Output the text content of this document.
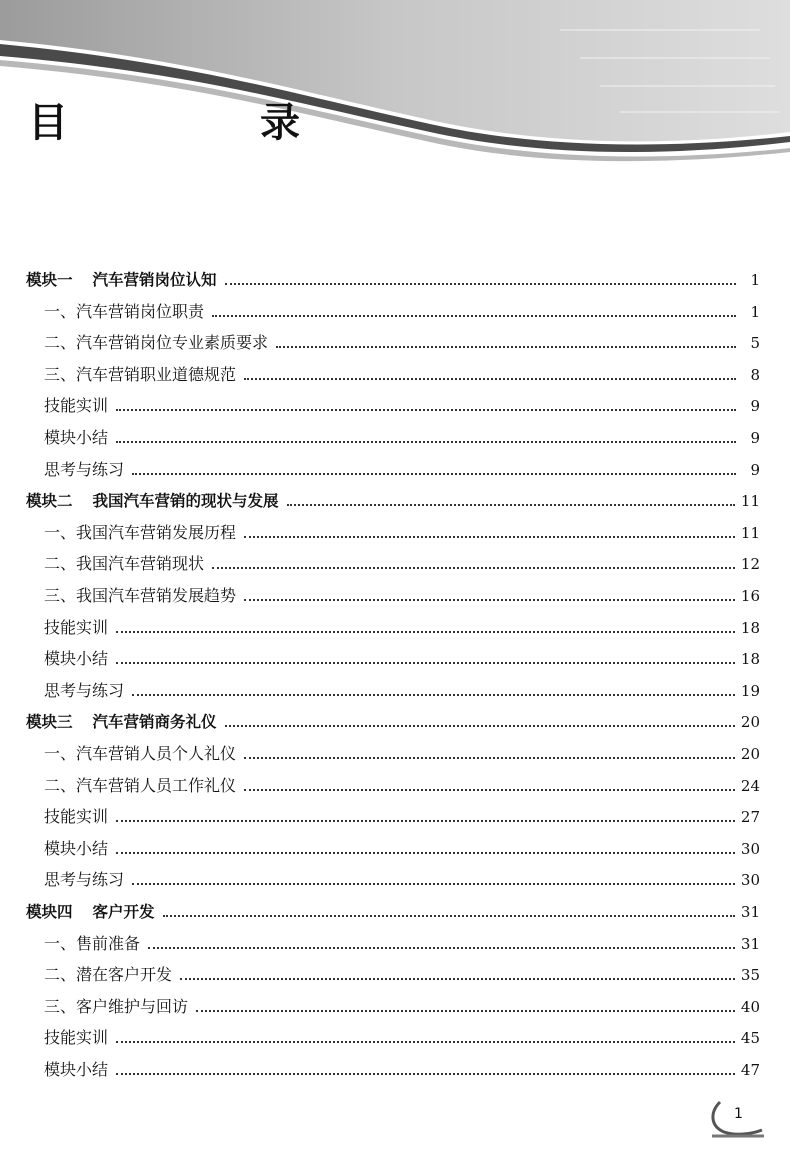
目　录
模块一 汽车营销岗位认知	1
一、汽车营销岗位职责	1
二、汽车营销岗位专业素质要求	5
三、汽车营销职业道德规范	8
技能实训	9
模块小结	9
思考与练习	9
模块二 我国汽车营销的现状与发展	11
一、我国汽车营销发展历程	11
二、我国汽车营销现状	12
三、我国汽车营销发展趋势	16
技能实训	18
模块小结	18
思考与练习	19
模块三 汽车营销商务礼仪	20
一、汽车营销人员个人礼仪	20
二、汽车营销人员工作礼仪	24
技能实训	27
模块小结	30
思考与练习	30
模块四 客户开发	31
一、售前准备	31
二、潜在客户开发	35
三、客户维护与回访	40
技能实训	45
模块小结	47
1
